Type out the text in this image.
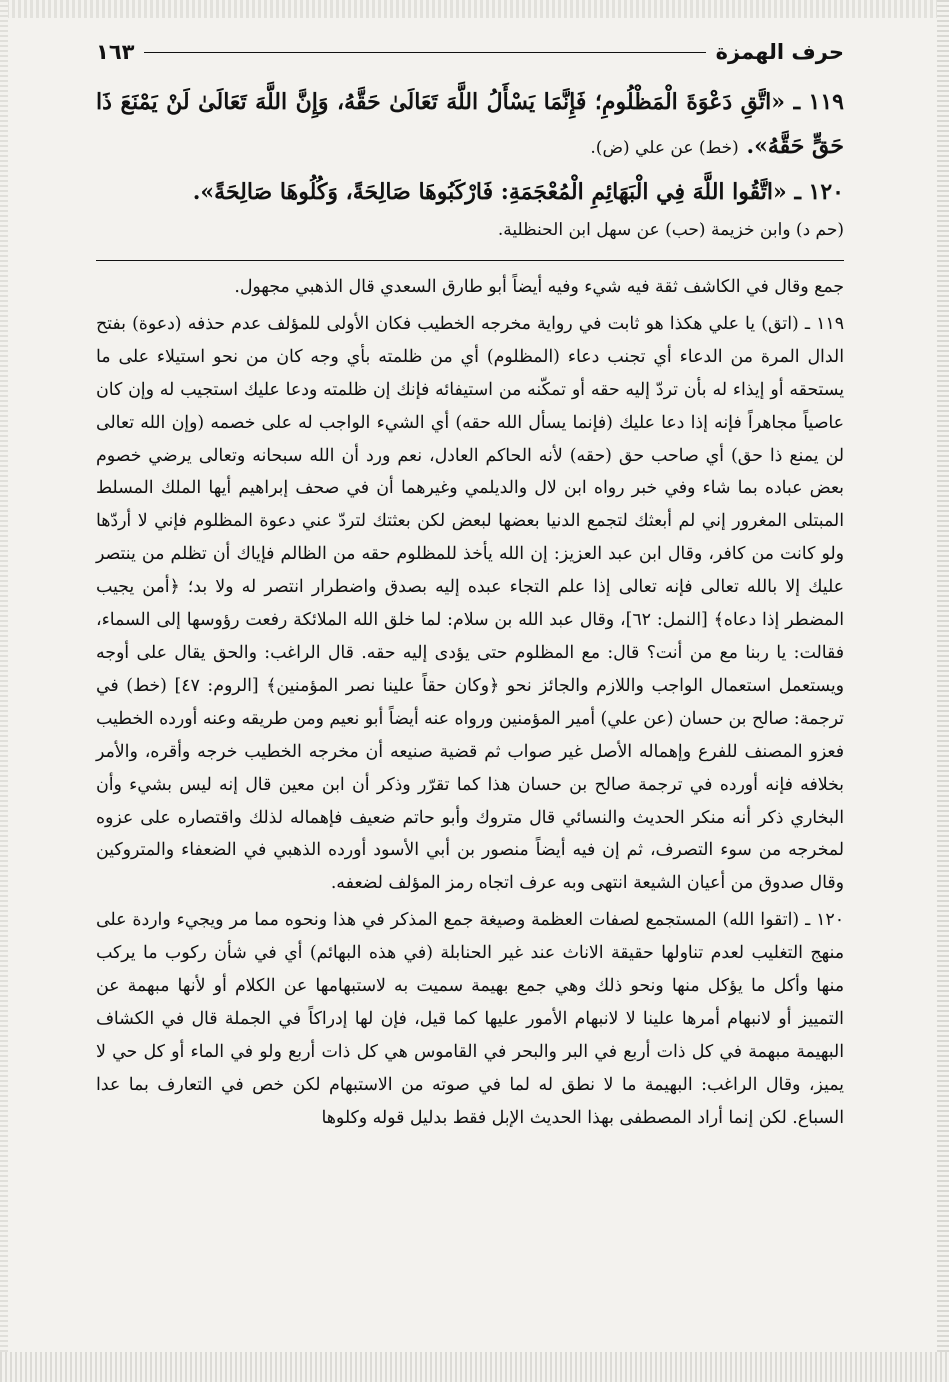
حرف الهمزة
١٦٣

١١٩ ـ «اتَّقِ دَعْوَةَ الْمَظْلُومِ؛ فَإِنَّمَا يَسْأَلُ اللَّهَ تَعَالَىٰ حَقَّهُ، وَإِنَّ اللَّهَ تَعَالَىٰ لَنْ يَمْنَعَ ذَا حَقٍّ حَقَّهُ». (خط) عن علي (ض).

١٢٠ ـ «اتَّقُوا اللَّهَ فِي الْبَهَائِمِ الْمُعْجَمَةِ: فَارْكَبُوهَا صَالِحَةً، وَكُلُوهَا صَالِحَةً».

(حم د) وابن خزيمة (حب) عن سهل ابن الحنظلية.

جمع وقال في الكاشف ثقة فيه شيء وفيه أيضاً أبو طارق السعدي قال الذهبي مجهول.

١١٩ ـ (اتق) يا علي هكذا هو ثابت في رواية مخرجه الخطيب فكان الأولى للمؤلف عدم حذفه (دعوة) بفتح الدال المرة من الدعاء أي تجنب دعاء (المظلوم) أي من ظلمته بأي وجه كان من نحو استيلاء على ما يستحقه أو إيذاء له بأن تردّ إليه حقه أو تمكّنه من استيفائه فإنك إن ظلمته ودعا عليك استجيب له وإن كان عاصياً مجاهراً فإنه إذا دعا عليك (فإنما يسأل الله حقه) أي الشيء الواجب له على خصمه (وإن الله تعالى لن يمنع ذا حق) أي صاحب حق (حقه) لأنه الحاكم العادل، نعم ورد أن الله سبحانه وتعالى يرضي خصوم بعض عباده بما شاء وفي خبر رواه ابن لال والديلمي وغيرهما أن في صحف إبراهيم أيها الملك المسلط المبتلى المغرور إني لم أبعثك لتجمع الدنيا بعضها لبعض لكن بعثتك لتردّ عني دعوة المظلوم فإني لا أردّها ولو كانت من كافر، وقال ابن عبد العزيز: إن الله يأخذ للمظلوم حقه من الظالم فإياك أن تظلم من ينتصر عليك إلا بالله تعالى فإنه تعالى إذا علم التجاء عبده إليه بصدق واضطرار انتصر له ولا بد؛ ﴿أمن يجيب المضطر إذا دعاه﴾ [النمل: ٦٢]، وقال عبد الله بن سلام: لما خلق الله الملائكة رفعت رؤوسها إلى السماء، فقالت: يا ربنا مع من أنت؟ قال: مع المظلوم حتى يؤدى إليه حقه. قال الراغب: والحق يقال على أوجه ويستعمل استعمال الواجب واللازم والجائز نحو ﴿وكان حقاً علينا نصر المؤمنين﴾ [الروم: ٤٧] (خط) في ترجمة: صالح بن حسان (عن علي) أمير المؤمنين ورواه عنه أيضاً أبو نعيم ومن طريقه وعنه أورده الخطيب فعزو المصنف للفرع وإهماله الأصل غير صواب ثم قضية صنيعه أن مخرجه الخطيب خرجه وأقره، والأمر بخلافه فإنه أورده في ترجمة صالح بن حسان هذا كما تقرّر وذكر أن ابن معين قال إنه ليس بشيء وأن البخاري ذكر أنه منكر الحديث والنسائي قال متروك وأبو حاتم ضعيف فإهماله لذلك واقتصاره على عزوه لمخرجه من سوء التصرف، ثم إن فيه أيضاً منصور بن أبي الأسود أورده الذهبي في الضعفاء والمتروكين وقال صدوق من أعيان الشيعة انتهى وبه عرف اتجاه رمز المؤلف لضعفه.

١٢٠ ـ (اتقوا الله) المستجمع لصفات العظمة وصيغة جمع المذكر في هذا ونحوه مما مر ويجيء واردة على منهج التغليب لعدم تناولها حقيقة الاناث عند غير الحنابلة (في هذه البهائم) أي في شأن ركوب ما يركب منها وأكل ما يؤكل منها ونحو ذلك وهي جمع بهيمة سميت به لاستبهامها عن الكلام أو لأنها مبهمة عن التمييز أو لانبهام أمرها علينا لا لانبهام الأمور عليها كما قيل، فإن لها إدراكاً في الجملة قال في الكشاف البهيمة مبهمة في كل ذات أربع في البر والبحر في القاموس هي كل ذات أربع ولو في الماء أو كل حي لا يميز، وقال الراغب: البهيمة ما لا نطق له لما في صوته من الاستبهام لكن خص في التعارف بما عدا السباع. لكن إنما أراد المصطفى بهذا الحديث الإبل فقط بدليل قوله وكلوها
